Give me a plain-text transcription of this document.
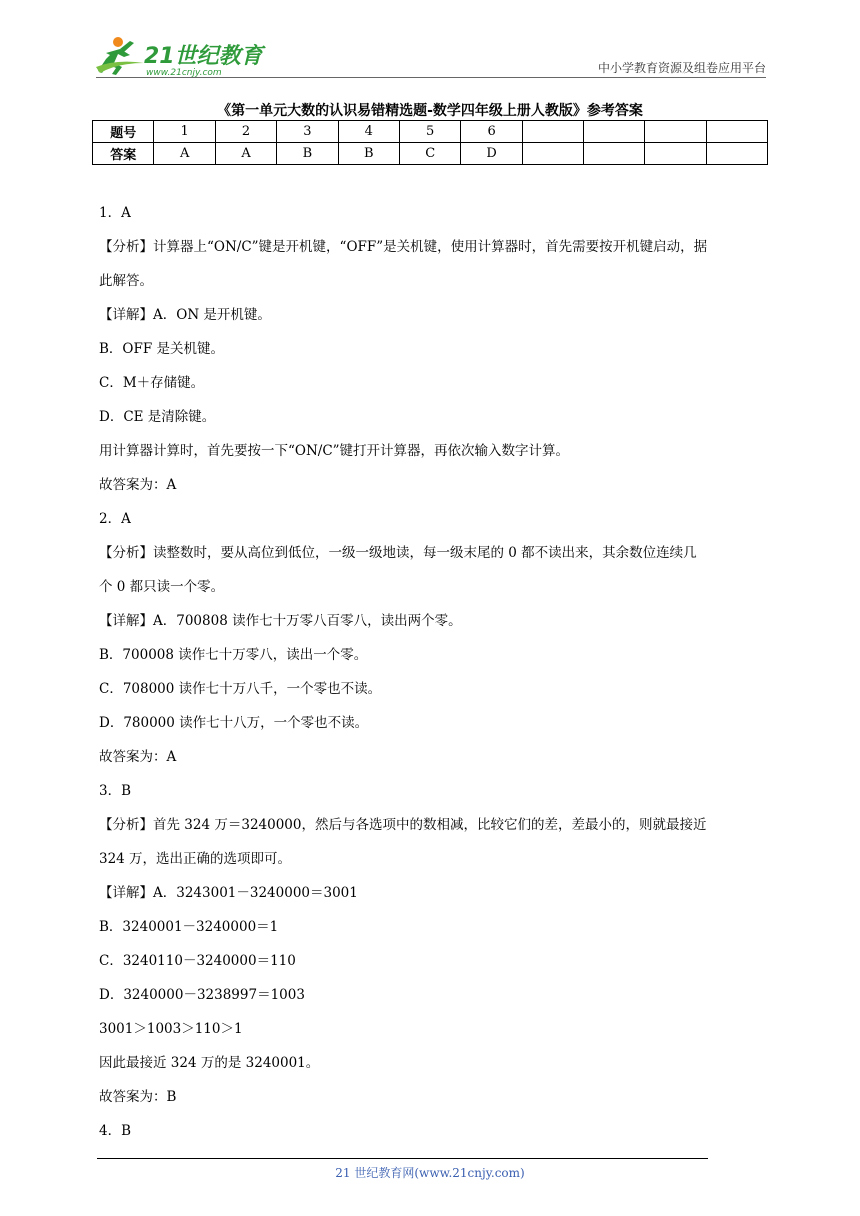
21世纪教育
www.21cnjy.com	中小学教育资源及组卷应用平台
《第一单元大数的认识易错精选题-数学四年级上册人教版》参考答案
题号	1	2	3	4	5	6				
答案	A	A	B	B	C	D				

1．A

【分析】计算器上“ON/C”键是开机键，“OFF”是关机键，使用计算器时，首先需要按开机键启动，据

此解答。

【详解】A．ON 是开机键。

B．OFF 是关机键。

C．M＋存储键。

D．CE 是清除键。

用计算器计算时，首先要按一下“ON/C”键打开计算器，再依次输入数字计算。

故答案为：A

2．A

【分析】读整数时，要从高位到低位，一级一级地读，每一级末尾的 0 都不读出来，其余数位连续几

个 0 都只读一个零。

【详解】A．700808 读作七十万零八百零八，读出两个零。

B．700008 读作七十万零八，读出一个零。

C．708000 读作七十万八千，一个零也不读。

D．780000 读作七十八万，一个零也不读。

故答案为：A

3．B

【分析】首先 324 万＝3240000，然后与各选项中的数相减，比较它们的差，差最小的，则就最接近

324 万，选出正确的选项即可。

【详解】A．3243001－3240000＝3001

B．3240001－3240000＝1

C．3240110－3240000＝110

D．3240000－3238997＝1003

3001＞1003＞110＞1

因此最接近 324 万的是 3240001。

故答案为：B

4．B

21 世纪教育网(www.21cnjy.com)
